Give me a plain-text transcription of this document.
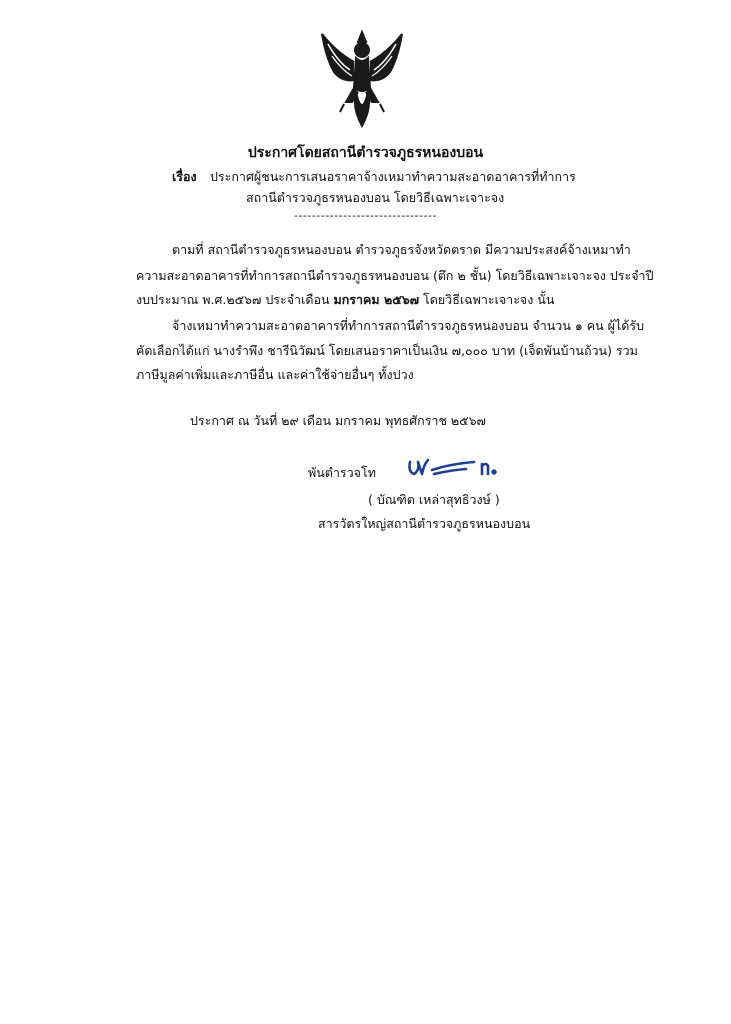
ประกาศโดยสถานีตำรวจภูธรหนองบอน
เรื่อง ประกาศผู้ชนะการเสนอราคาจ้างเหมาทำความสะอาดอาคารที่ทำการ
สถานีตำรวจภูธรหนองบอน โดยวิธีเฉพาะเจาะจง
--------------------------------
ตามที่ สถานีตำรวจภูธรหนองบอน ตำรวจภูธรจังหวัดตราด มีความประสงค์จ้างเหมาทำ
ความสะอาดอาคารที่ทำการสถานีตำรวจภูธรหนองบอน (ตึก ๒ ชั้น) โดยวิธีเฉพาะเจาะจง ประจำปี
งบประมาณ พ.ศ.๒๕๖๗ ประจำเดือน มกราคม ๒๕๖๗ โดยวิธีเฉพาะเจาะจง นั้น
จ้างเหมาทำความสะอาดอาคารที่ทำการสถานีตำรวจภูธรหนองบอน จำนวน ๑ คน ผู้ได้รับ
คัดเลือกได้แก่ นางรำพึง ชารีนิวัฒน์ โดยเสนอราคาเป็นเงิน ๗,๐๐๐ บาท (เจ็ดพันบ้านถ้วน) รวม
ภาษีมูลค่าเพิ่มและภาษีอื่น และค่าใช้จ่ายอื่นๆ ทั้งปวง
ประกาศ ณ วันที่ ๒๙ เดือน มกราคม พุทธศักราช ๒๕๖๗
พันตำรวจโท
( บัณฑิต เหล่าสุทธิวงษ์ )
สารวัตรใหญ่สถานีตำรวจภูธรหนองบอน
